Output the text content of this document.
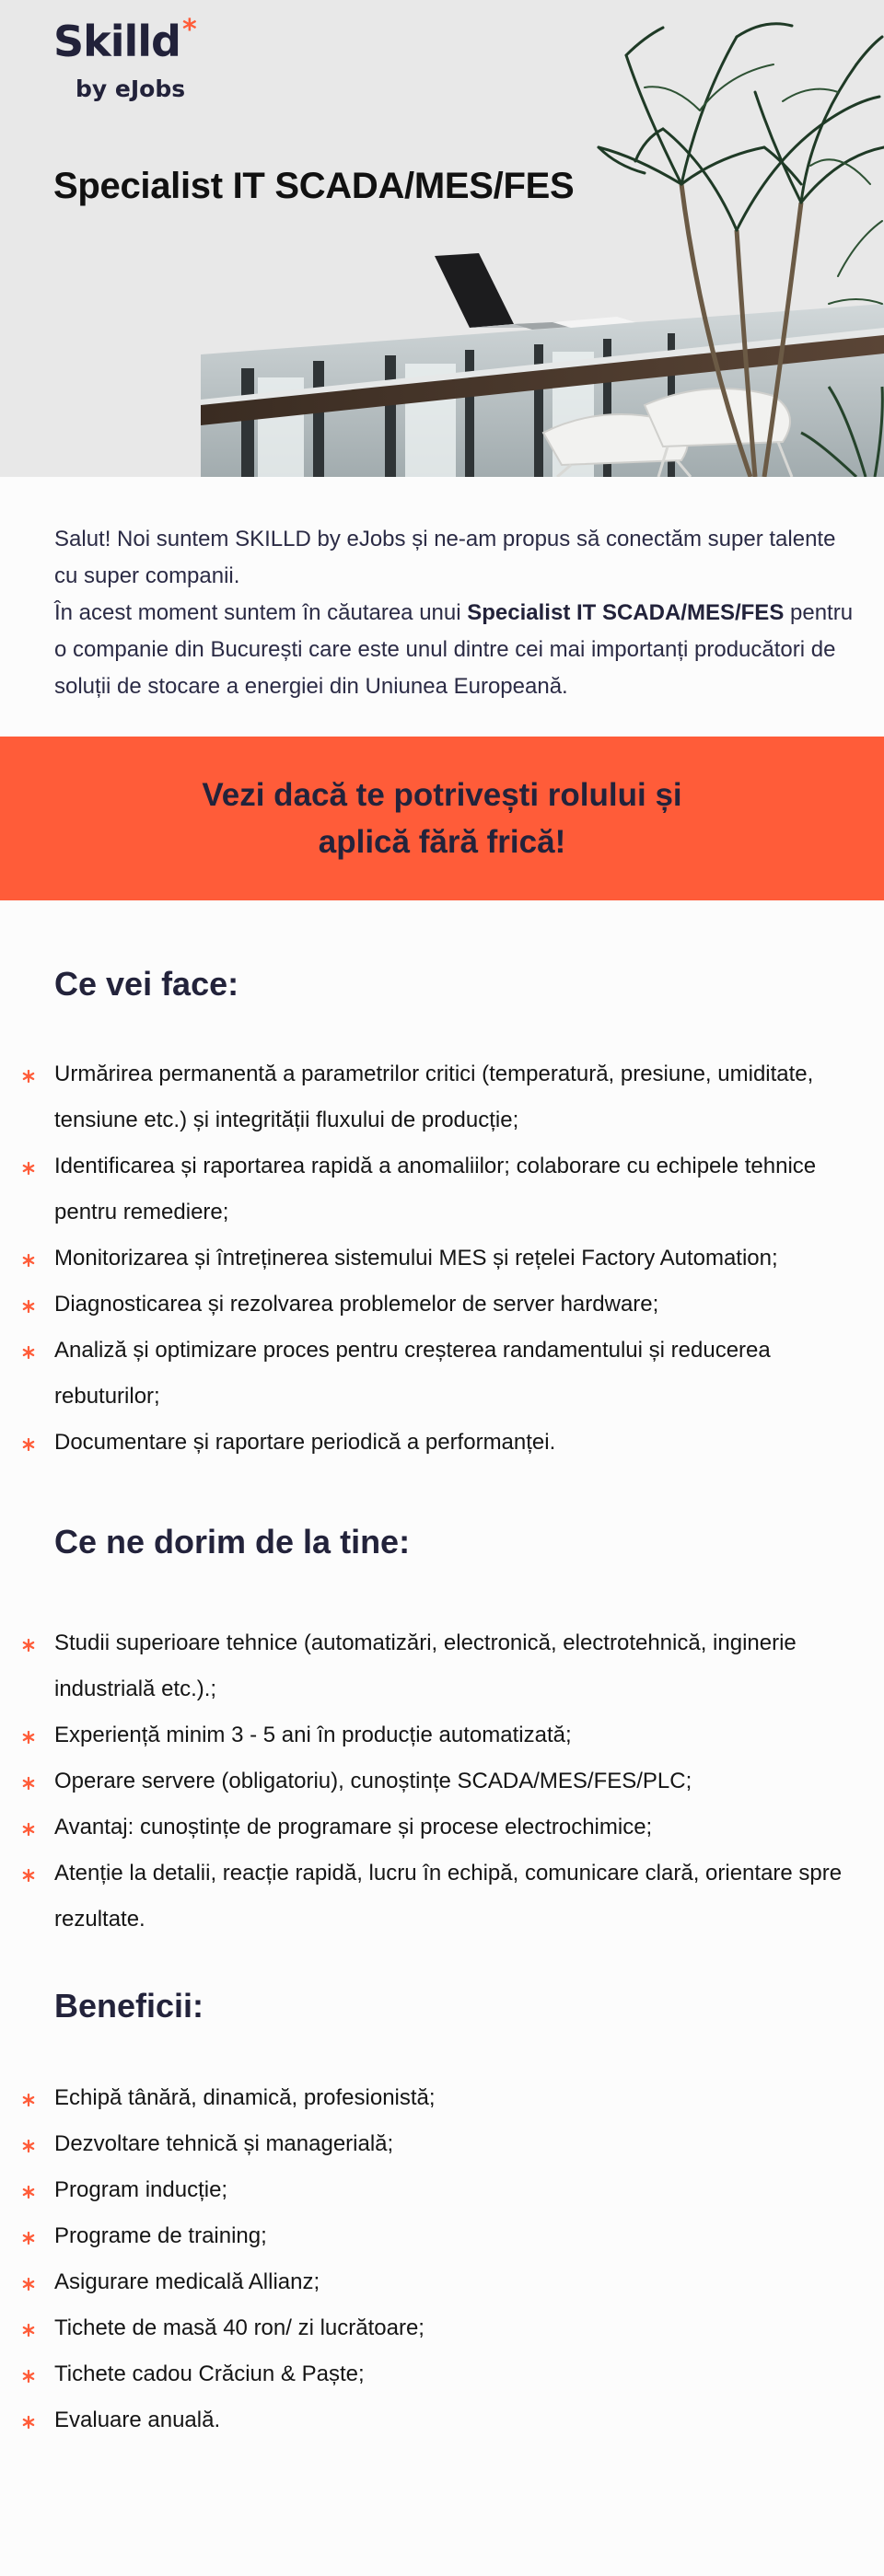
Skilld *
by eJobs
Specialist IT SCADA/MES/FES

Salut! Noi suntem SKILLD by eJobs și ne-am propus să conectăm super talente cu super companii.

În acest moment suntem în căutarea unui Specialist IT SCADA/MES/FES pentru o companie din București care este unul dintre cei mai importanți producători de soluții de stocare a energiei din Uniunea Europeană.

Vezi dacă te potrivești rolului și aplică fără frică!
Ce vei face:
Urmărirea permanentă a parametrilor critici (temperatură, presiune, umiditate, tensiune etc.) și integrității fluxului de producție;
Identificarea și raportarea rapidă a anomaliilor; colaborare cu echipele tehnice pentru remediere;
Monitorizarea și întreținerea sistemului MES și rețelei Factory Automation;
Diagnosticarea și rezolvarea problemelor de server hardware;
Analiză și optimizare proces pentru creșterea randamentului și reducerea rebuturilor;
Documentare și raportare periodică a performanței.
Ce ne dorim de la tine:
Studii superioare tehnice (automatizări, electronică, electrotehnică, inginerie industrială etc.).;
Experiență minim 3 - 5 ani în producție automatizată;
Operare servere (obligatoriu), cunoștințe SCADA/MES/FES/PLC;
Avantaj: cunoștințe de programare și procese electrochimice;
Atenție la detalii, reacție rapidă, lucru în echipă, comunicare clară, orientare spre rezultate.
Beneficii:
Echipă tânără, dinamică, profesionistă;
Dezvoltare tehnică și managerială;
Program inducție;
Programe de training;
Asigurare medicală Allianz;
Tichete de masă 40 ron/ zi lucrătoare;
Tichete cadou Crăciun & Paște;
Evaluare anuală.
